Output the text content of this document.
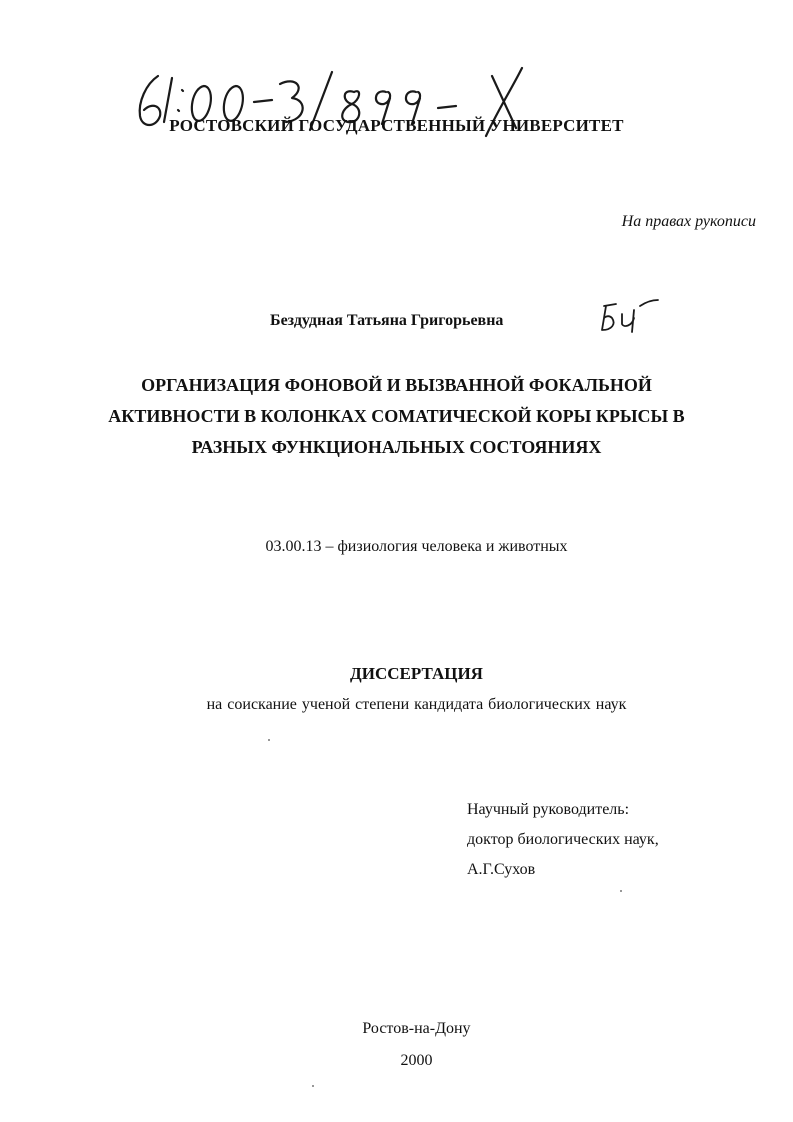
РОСТОВСКИЙ ГОСУДАРСТВЕННЫЙ УНИВЕРСИТЕТ
На правах рукописи
Бездудная Татьяна Григорьевна
ОРГАНИЗАЦИЯ ФОНОВОЙ И ВЫЗВАННОЙ ФОКАЛЬНОЙ
АКТИВНОСТИ В КОЛОНКАХ СОМАТИЧЕСКОЙ КОРЫ КРЫСЫ В
РАЗНЫХ ФУНКЦИОНАЛЬНЫХ СОСТОЯНИЯХ
03.00.13 – физиология человека и животных
ДИССЕРТАЦИЯ
на соискание ученой степени кандидата биологических наук
Научный руководитель:
доктор биологических наук,
А.Г.Сухов
Ростов-на-Дону
2000
